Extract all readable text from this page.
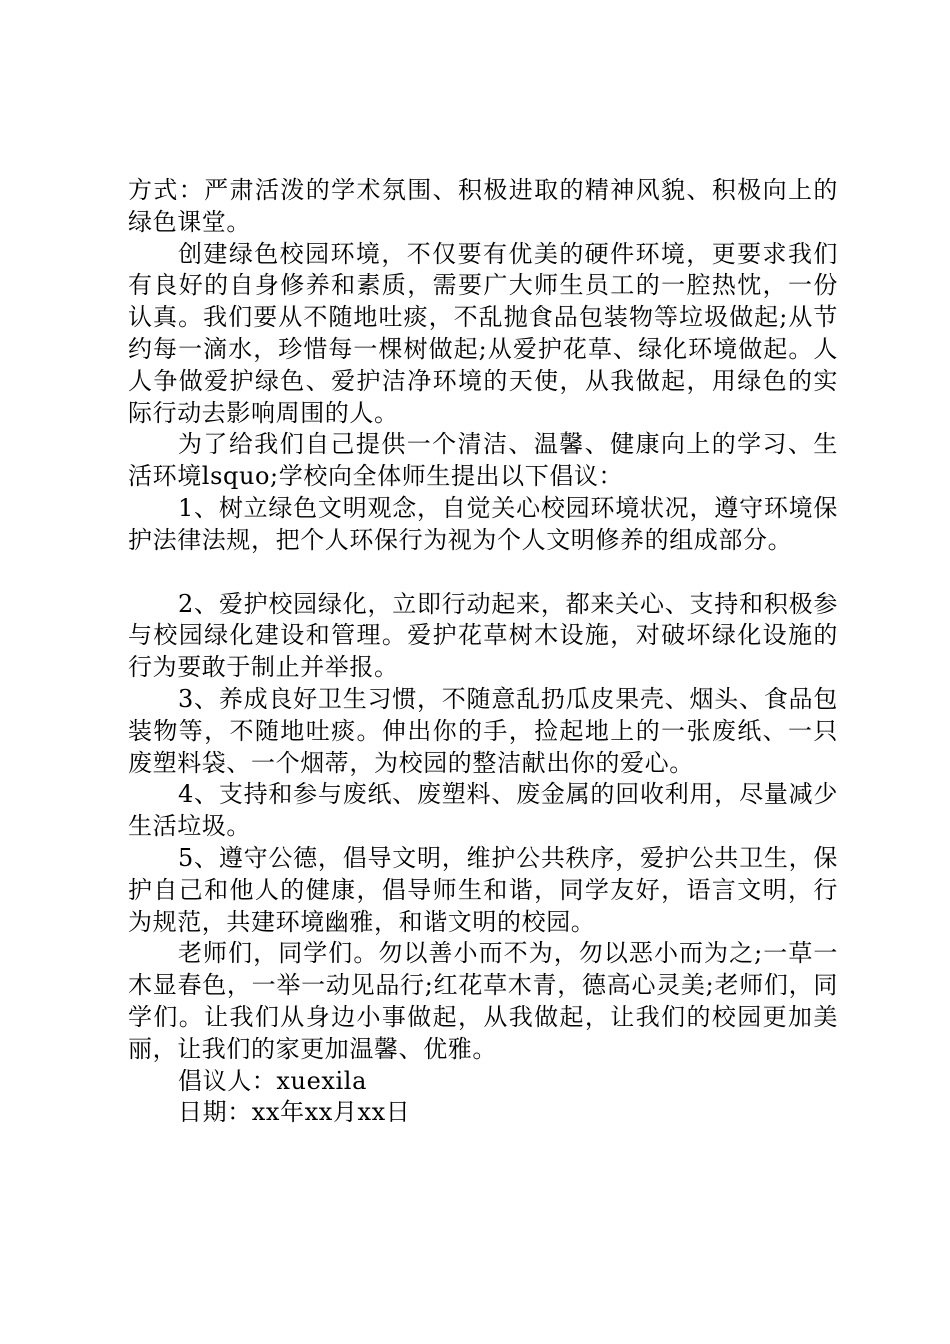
方式：严肃活泼的学术氛围、积极进取的精神风貌、积极向上的绿色课堂。

创建绿色校园环境，不仅要有优美的硬件环境，更要求我们有良好的自身修养和素质，需要广大师生员工的一腔热忱，一份认真。我们要从不随地吐痰，不乱抛食品包装物等垃圾做起;从节约每一滴水，珍惜每一棵树做起;从爱护花草、绿化环境做起。人人争做爱护绿色、爱护洁净环境的天使，从我做起，用绿色的实际行动去影响周围的人。

为了给我们自己提供一个清洁、温馨、健康向上的学习、生活环境lsquo;学校向全体师生提出以下倡议：

1、树立绿色文明观念，自觉关心校园环境状况，遵守环境保护法律法规，把个人环保行为视为个人文明修养的组成部分。

2、爱护校园绿化，立即行动起来，都来关心、支持和积极参与校园绿化建设和管理。爱护花草树木设施，对破坏绿化设施的行为要敢于制止并举报。

3、养成良好卫生习惯，不随意乱扔瓜皮果壳、烟头、食品包装物等，不随地吐痰。伸出你的手，捡起地上的一张废纸、一只废塑料袋、一个烟蒂，为校园的整洁献出你的爱心。

4、支持和参与废纸、废塑料、废金属的回收利用，尽量减少生活垃圾。

5、遵守公德，倡导文明，维护公共秩序，爱护公共卫生，保护自己和他人的健康，倡导师生和谐，同学友好，语言文明，行为规范，共建环境幽雅，和谐文明的校园。

老师们，同学们。勿以善小而不为，勿以恶小而为之;一草一木显春色，一举一动见品行;红花草木青，德高心灵美;老师们，同学们。让我们从身边小事做起，从我做起，让我们的校园更加美丽，让我们的家更加温馨、优雅。

倡议人：xuexila

日期：xx年xx月xx日
